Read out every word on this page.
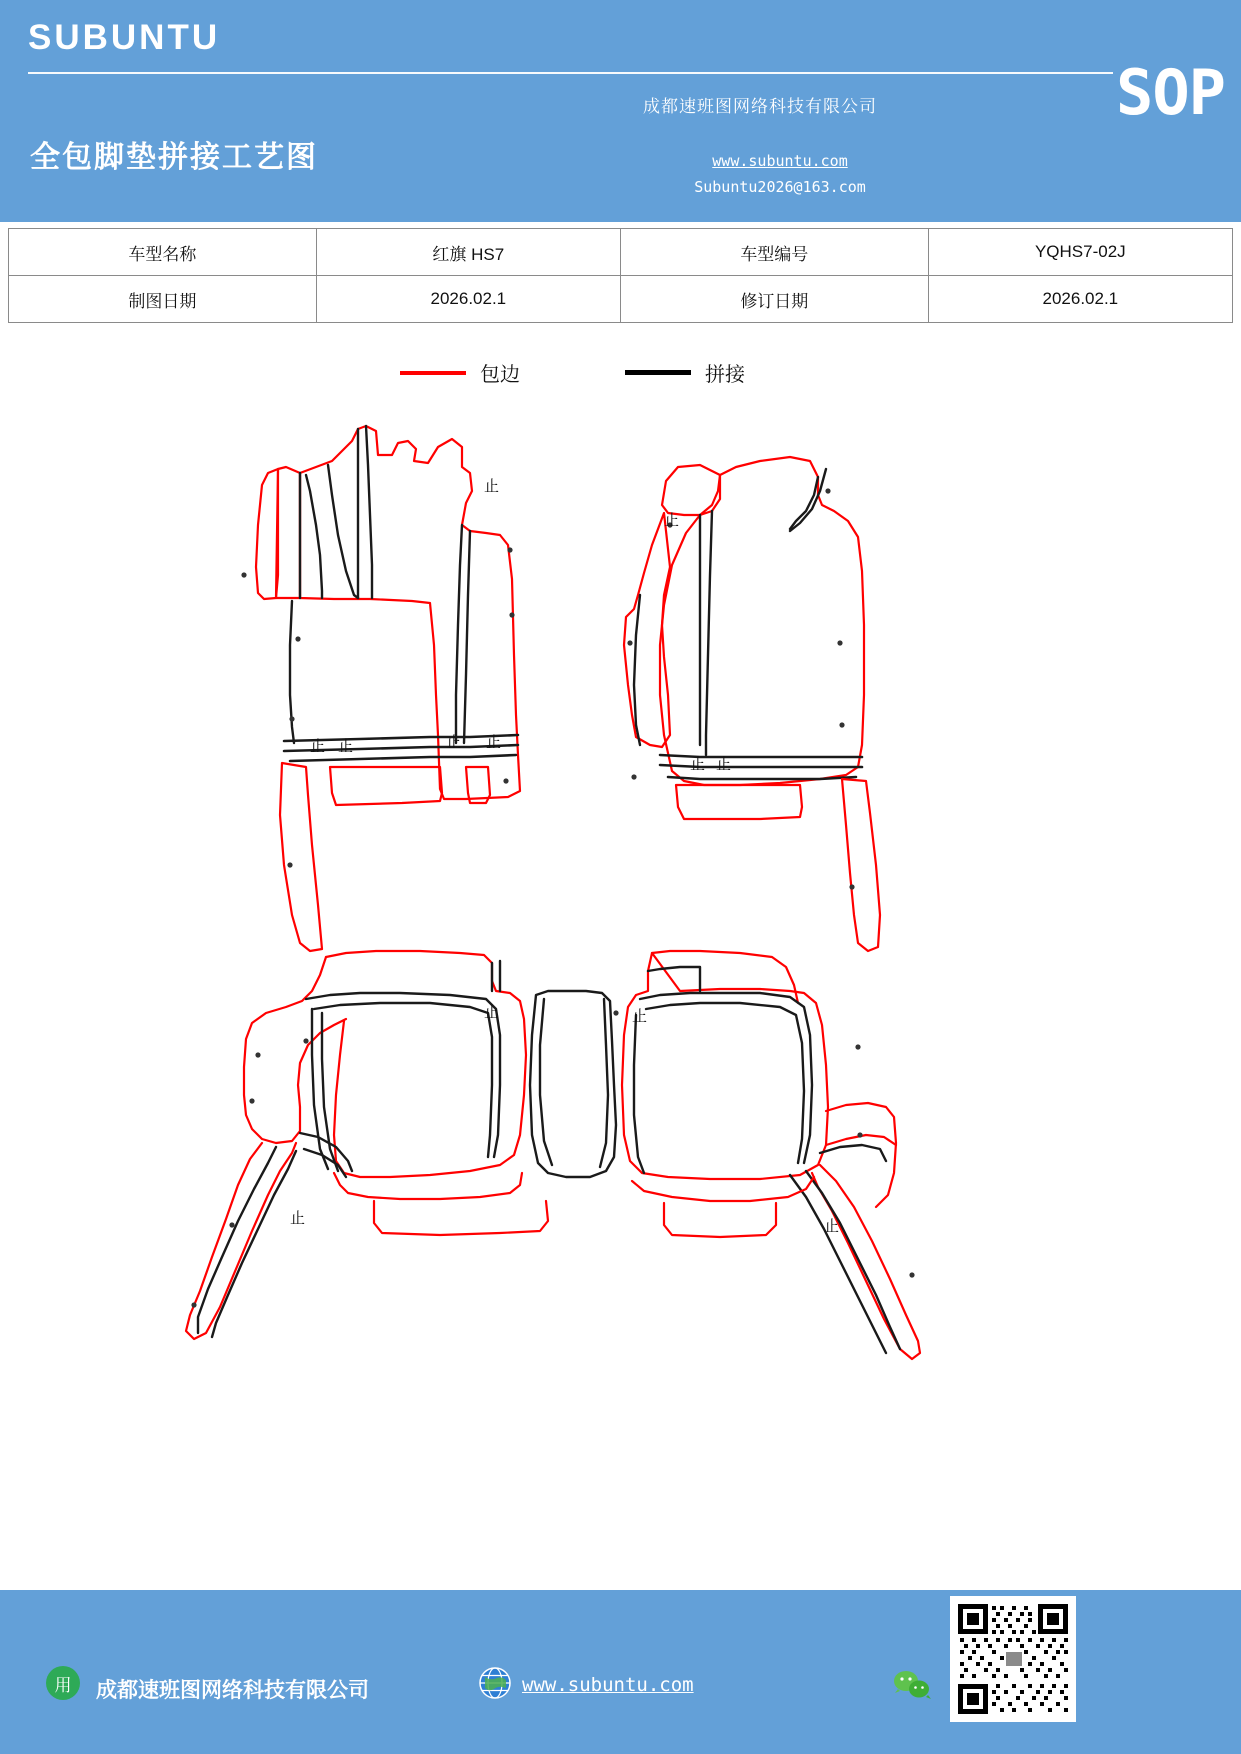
SUBUNTU
成都速班图网络科技有限公司
全包脚垫拼接工艺图
SOP
www.subuntu.com
Subuntu2026@163.com
车型名称	红旗 HS7	车型编号	YQHS7-02J
制图日期	2026.02.1	修订日期	2026.02.1
包边	拼接
止
止
止 止	止 止
止 止
止	止
止	止
用	成都速班图网络科技有限公司	www.subuntu.com
